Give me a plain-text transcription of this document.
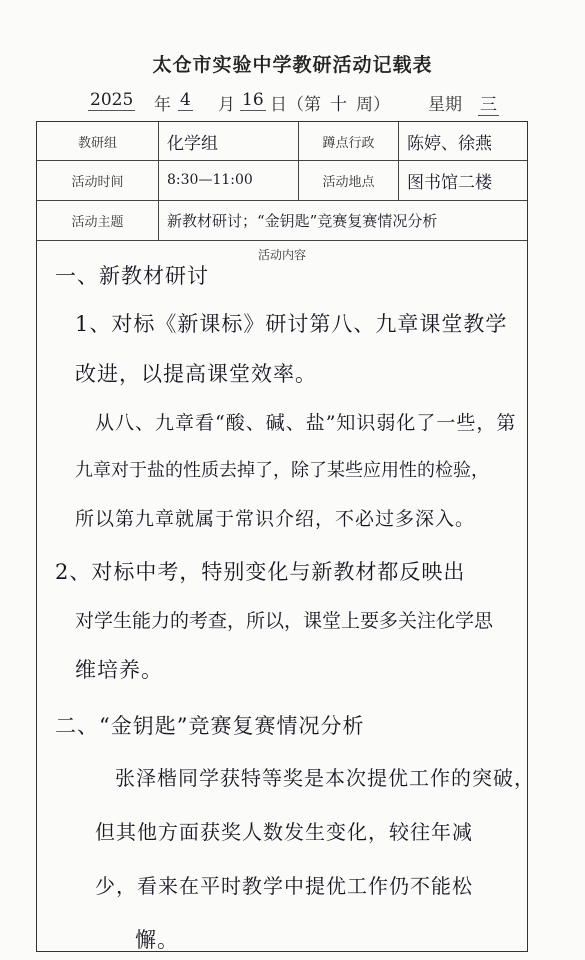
太仓市实验中学教研活动记载表
2025 年 4 月 16 日（第 十 周） 星期 三
教研组	化学组	蹲点行政	陈婷、徐燕
活动时间	8:30—11:00	活动地点	图书馆二楼
活动主题	新教材研讨；“金钥匙”竞赛复赛情况分析
活动内容
一、新教材研讨
1、对标《新课标》研讨第八、九章课堂教学
改进，以提高课堂效率。
从八、九章看“酸、碱、盐”知识弱化了一些，第
九章对于盐的性质去掉了，除了某些应用性的检验，
所以第九章就属于常识介绍，不必过多深入。
2、对标中考，特别变化与新教材都反映出
对学生能力的考查，所以，课堂上要多关注化学思
维培养。
二、“金钥匙”竞赛复赛情况分析
张泽楷同学获特等奖是本次提优工作的突破，
但其他方面获奖人数发生变化，较往年减
少，看来在平时教学中提优工作仍不能松
懈。
